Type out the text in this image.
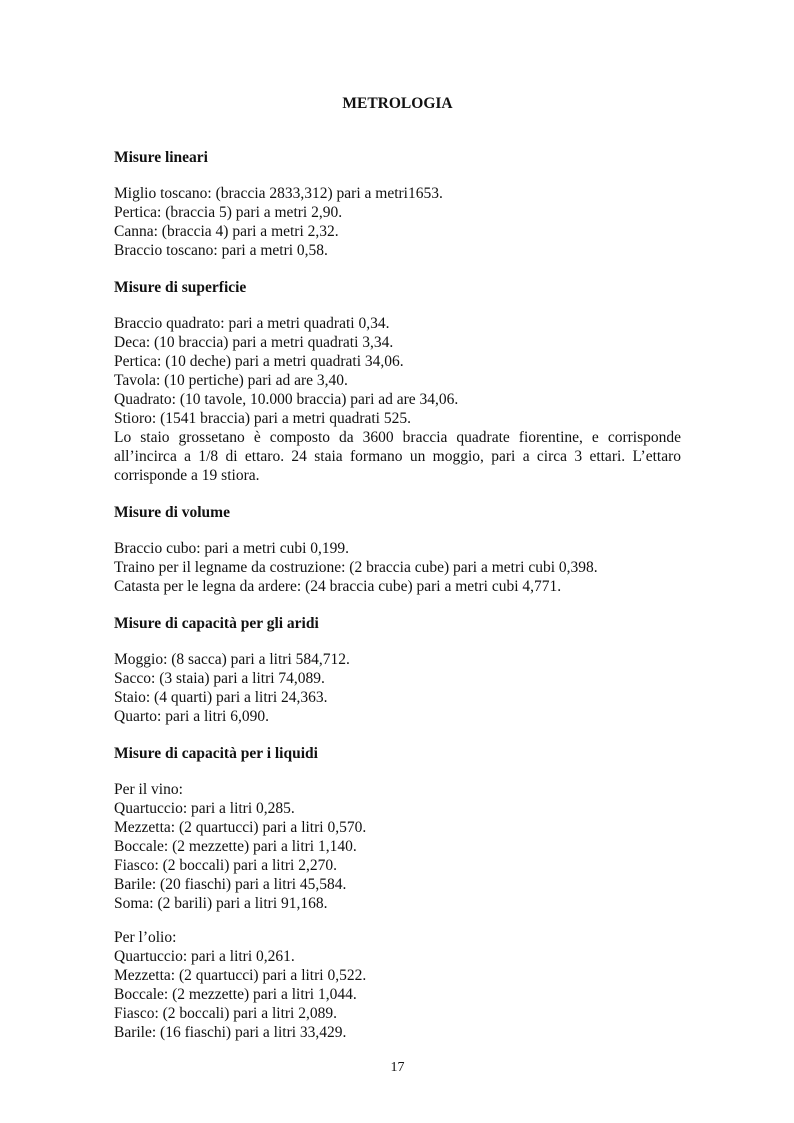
METROLOGIA
Misure lineari
Miglio toscano: (braccia 2833,312) pari a metri1653.
Pertica: (braccia 5) pari a metri 2,90.
Canna: (braccia 4) pari a metri 2,32.
Braccio toscano: pari a metri 0,58.
Misure di superficie
Braccio quadrato: pari a metri quadrati 0,34.
Deca: (10 braccia) pari a metri quadrati 3,34.
Pertica: (10 deche) pari a metri quadrati 34,06.
Tavola: (10 pertiche) pari ad are 3,40.
Quadrato: (10 tavole, 10.000 braccia) pari ad are 34,06.
Stioro: (1541 braccia) pari a metri quadrati 525.
Lo staio grossetano è composto da 3600 braccia quadrate fiorentine, e corrisponde all’incirca a 1/8 di ettaro. 24 staia formano un moggio, pari a circa 3 ettari. L’ettaro corrisponde a 19 stiora.
Misure di volume
Braccio cubo: pari a metri cubi 0,199.
Traino per il legname da costruzione: (2 braccia cube) pari a metri cubi 0,398.
Catasta per le legna da ardere: (24 braccia cube) pari a metri cubi 4,771.
Misure di capacità per gli aridi
Moggio: (8 sacca) pari a litri 584,712.
Sacco: (3 staia) pari a litri 74,089.
Staio: (4 quarti) pari a litri 24,363.
Quarto: pari a litri 6,090.
Misure di capacità per i liquidi
Per il vino:
Quartuccio: pari a litri 0,285.
Mezzetta: (2 quartucci) pari a litri 0,570.
Boccale: (2 mezzette) pari a litri 1,140.
Fiasco: (2 boccali) pari a litri 2,270.
Barile: (20 fiaschi) pari a litri 45,584.
Soma: (2 barili) pari a litri 91,168.
Per l’olio:
Quartuccio: pari a litri 0,261.
Mezzetta: (2 quartucci) pari a litri 0,522.
Boccale: (2 mezzette) pari a litri 1,044.
Fiasco: (2 boccali) pari a litri 2,089.
Barile: (16 fiaschi) pari a litri 33,429.
17
